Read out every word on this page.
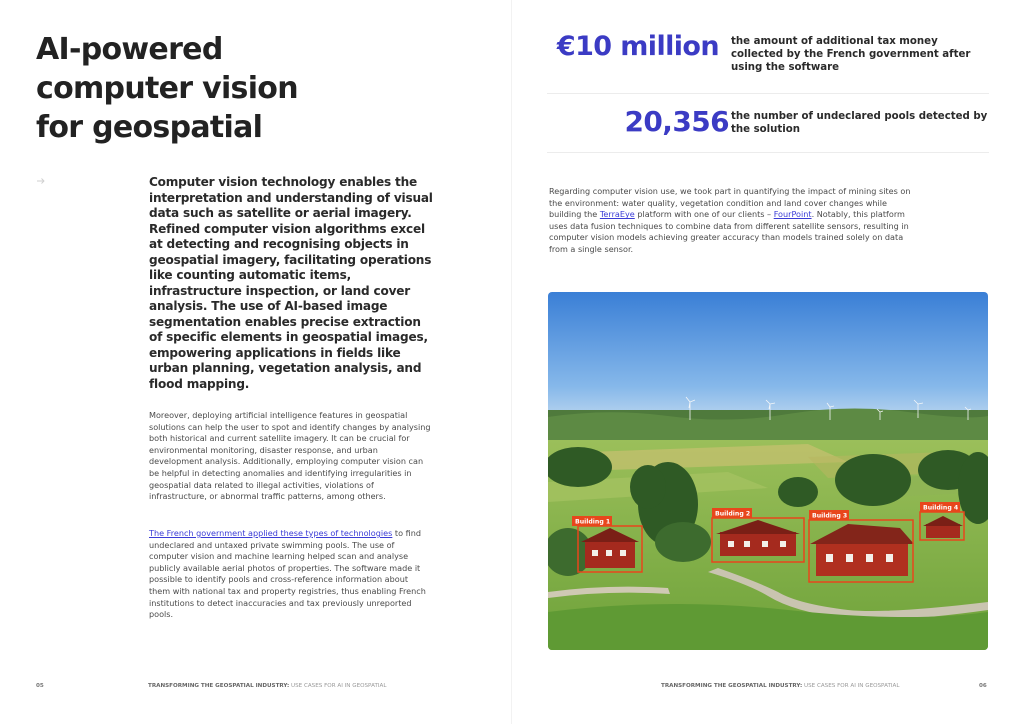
AI-powered computer vision for geospatial

Computer vision technology enables the interpretation and understanding of visual data such as satellite or aerial imagery. Refined computer vision algorithms excel at detecting and recognising objects in geospatial imagery, facilitating operations like counting automatic items, infrastructure inspection, or land cover analysis. The use of AI-based image segmentation enables precise extraction of specific elements in geospatial images, empowering applications in fields like urban planning, vegetation analysis, and flood mapping.

Moreover, deploying artificial intelligence features in geospatial solutions can help the user to spot and identify changes by analysing both historical and current satellite imagery. It can be crucial for environmental monitoring, disaster response, and urban development analysis. Additionally, employing computer vision can be helpful in detecting anomalies and identifying irregularities in geospatial data related to illegal activities, violations of infrastructure, or abnormal traffic patterns, among others.

The French government applied these types of technologies to find undeclared and untaxed private swimming pools. The use of computer vision and machine learning helped scan and analyse publicly available aerial photos of properties. The software made it possible to identify pools and cross-reference information about them with national tax and property registries, thus enabling French institutions to detect inaccuracies and tax previously unreported pools.

05	TRANSFORMING THE GEOSPATIAL INDUSTRY: USE CASES FOR AI IN GEOSPATIAL
€10 million the amount of additional tax money collected by the French government after using the software

20,356 the number of undeclared pools detected by the solution

Regarding computer vision use, we took part in quantifying the impact of mining sites on the environment: water quality, vegetation condition and land cover changes while building the TerraEye platform with one of our clients – FourPoint. Notably, this platform uses data fusion techniques to combine data from different satellite sensors, resulting in computer vision models achieving greater accuracy than models trained solely on data from a single sensor.

Building 1
Building 2	Building 3
Building 4
TRANSFORMING THE GEOSPATIAL INDUSTRY: USE CASES FOR AI IN GEOSPATIAL	06
